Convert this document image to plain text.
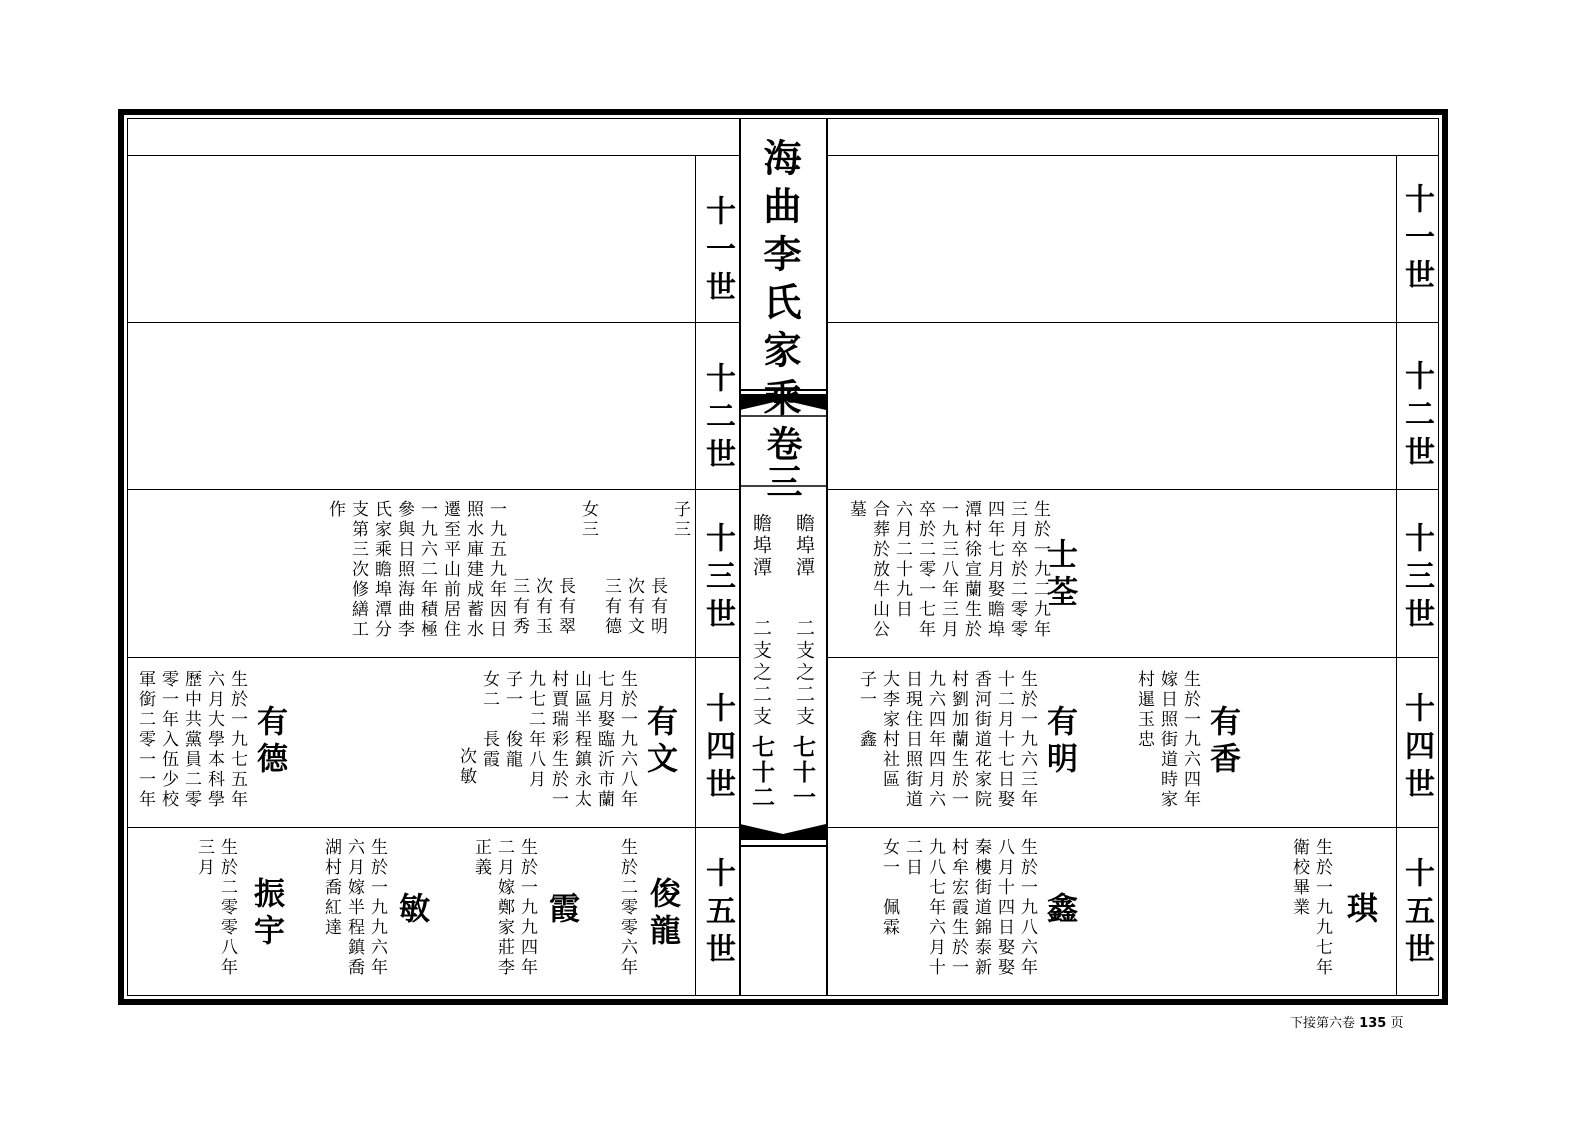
海曲李氏家乘
卷三
瞻埠潭
二支之二支
七十一
瞻埠潭
二支之二支
七十二
十一世
十二世
十三世
十四世
十五世
十一世
十二世
十三世
十四世
十五世
士荃
生於一九二九年
三月卒於二零零
四年七月娶瞻埠
潭村徐宣蘭生於
一九三八年三月
卒於二零一七年
六月二十九日
合葬於放牛山公
墓
有香
生於一九六四年
嫁日照街道時家
村暹玉忠
有明
生於一九六三年
十二月十七日娶
香河街道花家院
村劉加蘭生於一
九六四年四月六
日現住日照街道
大李家村社區
子一　鑫
琪
生於一九九七年
衛校畢業
鑫
生於一九八六年
八月十四日娶娶
秦樓街道錦泰新
村牟宏霞生於一
九八七年六月十
二日
女一　佩霖
子三
長有明
次有文
三有德
女三
長有翠
次有玉
三有秀
一九五九年因日
照水庫建成蓄水
遷至平山前居住
一九六二年積極
參與日照海曲李
氏家乘瞻埠潭分
支第三次修繕工
作
有文
生於一九六八年
七月娶臨沂市蘭
山區半程鎮永太
村賈瑞彩生於一
九七二年八月
子一　俊龍
女二　長霞
次敏
有德
生於一九七五年
六月大學本科學
歷中共黨員二零
零一年入伍少校
軍銜二零一一年
俊龍
生於二零零六年
霞
生於一九九四年
二月嫁鄭家莊李
正義
敏
生於一九九六年
六月嫁半程鎮喬
湖村喬紅達
振宇
生於二零零八年
三月
下接第六卷 135 页
